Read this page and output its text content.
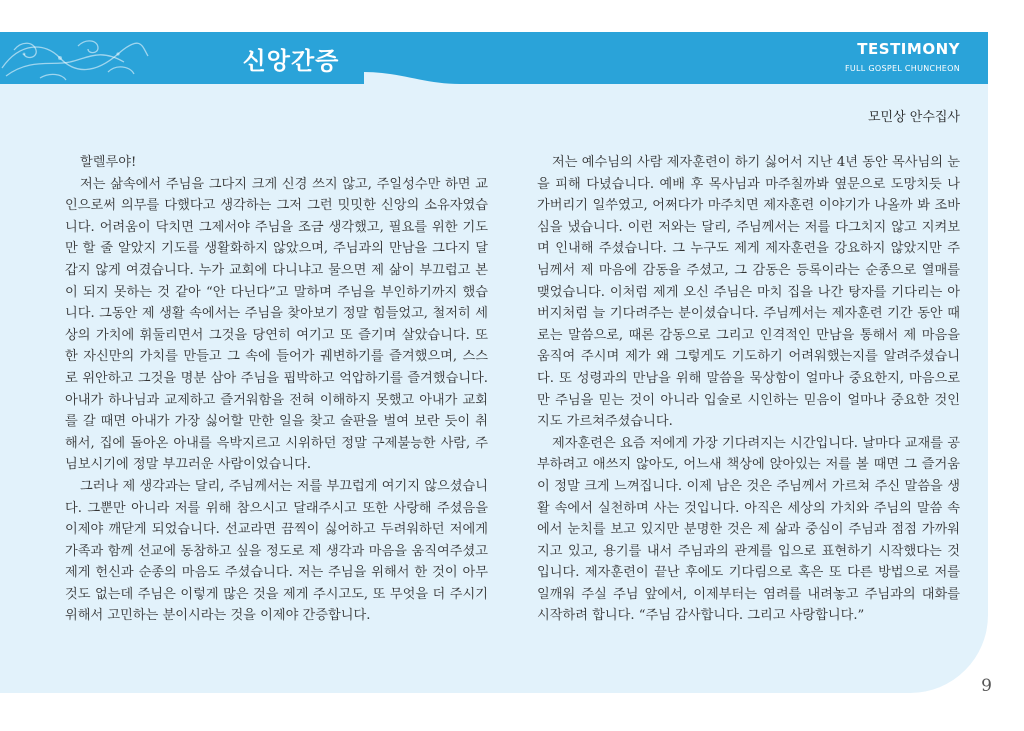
신앙간증	TESTIMONY
FULL GOSPEL CHUNCHEON
모민상 안수집사

할렐루야!

저는 삶속에서 주님을 그다지 크게 신경 쓰지 않고, 주일성수만 하면 교인으로써 의무를 다했다고 생각하는 그저 그런 밋밋한 신앙의 소유자였습니다. 어려움이 닥치면 그제서야 주님을 조금 생각했고, 필요를 위한 기도만 할 줄 알았지 기도를 생활화하지 않았으며, 주님과의 만남을 그다지 달갑지 않게 여겼습니다. 누가 교회에 다니냐고 물으면 제 삶이 부끄럽고 본이 되지 못하는 것 같아 “안 다닌다”고 말하며 주님을 부인하기까지 했습니다. 그동안 제 생활 속에서는 주님을 찾아보기 정말 힘들었고, 철저히 세상의 가치에 휘둘리면서 그것을 당연히 여기고 또 즐기며 살았습니다. 또한 자신만의 가치를 만들고 그 속에 들어가 궤변하기를 즐겨했으며, 스스로 위안하고 그것을 명분 삼아 주님을 핍박하고 억압하기를 즐겨했습니다. 아내가 하나님과 교제하고 즐거워함을 전혀 이해하지 못했고 아내가 교회를 갈 때면 아내가 가장 싫어할 만한 일을 찾고 술판을 벌여 보란 듯이 취해서, 집에 돌아온 아내를 윽박지르고 시위하던 정말 구제불능한 사람, 주님보시기에 정말 부끄러운 사람이었습니다.

그러나 제 생각과는 달리, 주님께서는 저를 부끄럽게 여기지 않으셨습니다. 그뿐만 아니라 저를 위해 참으시고 달래주시고 또한 사랑해 주셨음을 이제야 깨닫게 되었습니다. 선교라면 끔찍이 싫어하고 두려워하던 저에게 가족과 함께 선교에 동참하고 싶을 정도로 제 생각과 마음을 움직여주셨고 제게 헌신과 순종의 마음도 주셨습니다. 저는 주님을 위해서 한 것이 아무것도 없는데 주님은 이렇게 많은 것을 제게 주시고도, 또 무엇을 더 주시기 위해서 고민하는 분이시라는 것을 이제야 간증합니다.

저는 예수님의 사람 제자훈련이 하기 싫어서 지난 4년 동안 목사님의 눈을 피해 다녔습니다. 예배 후 목사님과 마주칠까봐 옆문으로 도망치듯 나가버리기 일쑤였고, 어쩌다가 마주치면 제자훈련 이야기가 나올까 봐 조바심을 냈습니다. 이런 저와는 달리, 주님께서는 저를 다그치지 않고 지켜보며 인내해 주셨습니다. 그 누구도 제게 제자훈련을 강요하지 않았지만 주님께서 제 마음에 감동을 주셨고, 그 감동은 등록이라는 순종으로 열매를 맺었습니다. 이처럼 제게 오신 주님은 마치 집을 나간 탕자를 기다리는 아버지처럼 늘 기다려주는 분이셨습니다. 주님께서는 제자훈련 기간 동안 때로는 말씀으로, 때론 감동으로 그리고 인격적인 만남을 통해서 제 마음을 움직여 주시며 제가 왜 그렇게도 기도하기 어려워했는지를 알려주셨습니다. 또 성령과의 만남을 위해 말씀을 묵상함이 얼마나 중요한지, 마음으로만 주님을 믿는 것이 아니라 입술로 시인하는 믿음이 얼마나 중요한 것인지도 가르쳐주셨습니다.

제자훈련은 요즘 저에게 가장 기다려지는 시간입니다. 날마다 교재를 공부하려고 애쓰지 않아도, 어느새 책상에 앉아있는 저를 볼 때면 그 즐거움이 정말 크게 느껴집니다. 이제 남은 것은 주님께서 가르쳐 주신 말씀을 생활 속에서 실천하며 사는 것입니다. 아직은 세상의 가치와 주님의 말씀 속에서 눈치를 보고 있지만 분명한 것은 제 삶과 중심이 주님과 점점 가까워지고 있고, 용기를 내서 주님과의 관계를 입으로 표현하기 시작했다는 것입니다. 제자훈련이 끝난 후에도 기다림으로 혹은 또 다른 방법으로 저를 일깨워 주실 주님 앞에서, 이제부터는 염려를 내려놓고 주님과의 대화를 시작하려 합니다. “주님 감사합니다. 그리고 사랑합니다.”

9
